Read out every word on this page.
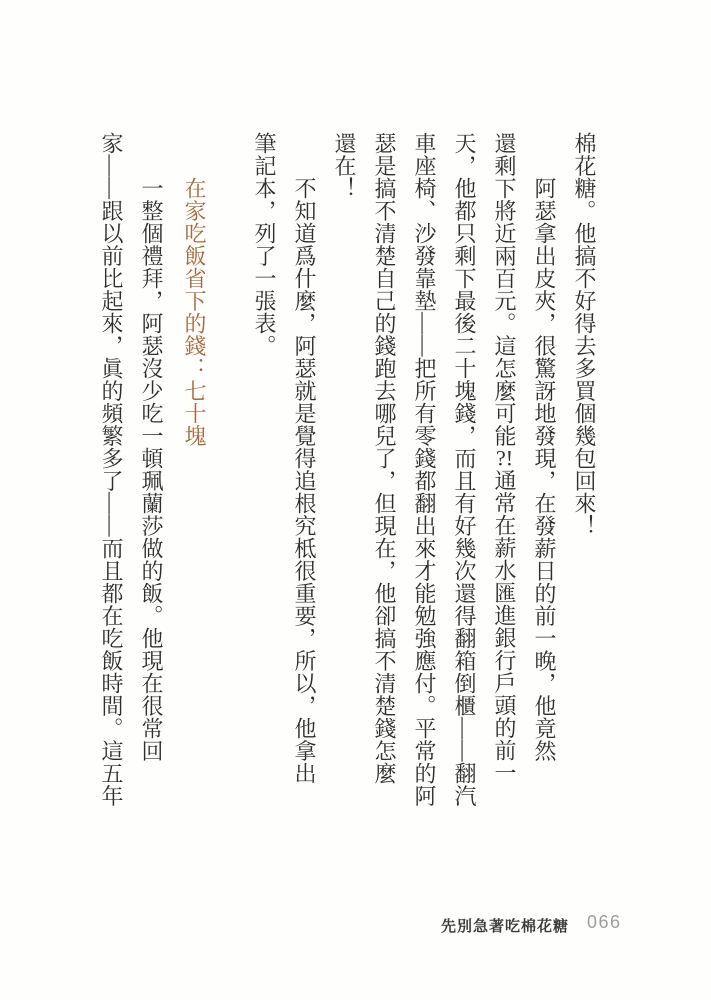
棉花糖。他搞不好得去多買個幾包回來！
阿瑟拿出皮夾，很驚訝地發現，在發薪日的前一晚，他竟然
還剩下將近兩百元。這怎麼可能?!通常在薪水匯進銀行戶頭的前一
天，他都只剩下最後二十塊錢，而且有好幾次還得翻箱倒櫃——翻汽
車座椅、沙發靠墊——把所有零錢都翻出來才能勉強應付。平常的阿
瑟是搞不清楚自己的錢跑去哪兒了，但現在，他卻搞不清楚錢怎麼
還在！
不知道爲什麼，阿瑟就是覺得追根究柢很重要，所以，他拿出
筆記本，列了一張表。
在家吃飯省下的錢：七十塊
一整個禮拜，阿瑟沒少吃一頓珮蘭莎做的飯。他現在很常回
家——跟以前比起來，眞的頻繁多了——而且都在吃飯時間。這五年
先別急著吃棉花糖 066
